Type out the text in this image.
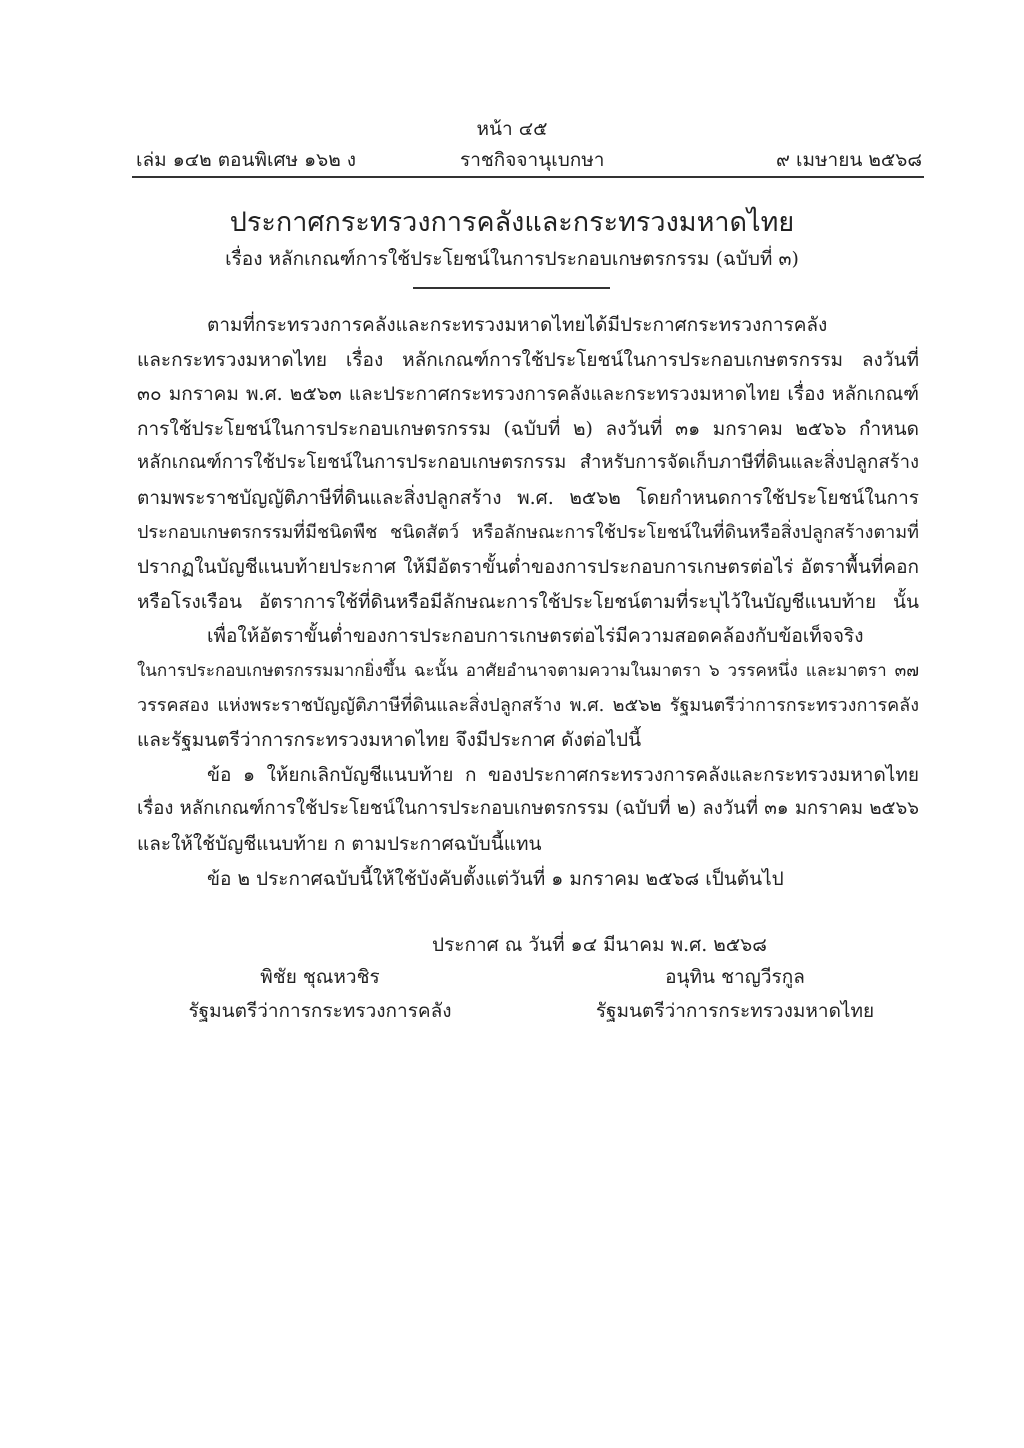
หน้า ๔๕
เล่ม ๑๔๒ ตอนพิเศษ ๑๖๒ ง	ราชกิจจานุเบกษา	๙ เมษายน ๒๕๖๘
ประกาศกระทรวงการคลังและกระทรวงมหาดไทย
เรื่อง หลักเกณฑ์การใช้ประโยชน์ในการประกอบเกษตรกรรม (ฉบับที่ ๓)

ตามที่กระทรวงการคลังและกระทรวงมหาดไทยได้มีประกาศกระทรวงการคลัง
และกระทรวงมหาดไทย เรื่อง หลักเกณฑ์การใช้ประโยชน์ในการประกอบเกษตรกรรม ลงวันที่
๓๐ มกราคม พ.ศ. ๒๕๖๓ และประกาศกระทรวงการคลังและกระทรวงมหาดไทย เรื่อง หลักเกณฑ์
การใช้ประโยชน์ในการประกอบเกษตรกรรม (ฉบับที่ ๒) ลงวันที่ ๓๑ มกราคม ๒๕๖๖ กำหนด
หลักเกณฑ์การใช้ประโยชน์ในการประกอบเกษตรกรรม สำหรับการจัดเก็บภาษีที่ดินและสิ่งปลูกสร้าง
ตามพระราชบัญญัติภาษีที่ดินและสิ่งปลูกสร้าง พ.ศ. ๒๕๖๒ โดยกำหนดการใช้ประโยชน์ในการ
ประกอบเกษตรกรรมที่มีชนิดพืช ชนิดสัตว์ หรือลักษณะการใช้ประโยชน์ในที่ดินหรือสิ่งปลูกสร้างตามที่
ปรากฏในบัญชีแนบท้ายประกาศ ให้มีอัตราขั้นต่ำของการประกอบการเกษตรต่อไร่ อัตราพื้นที่คอก
หรือโรงเรือน อัตราการใช้ที่ดินหรือมีลักษณะการใช้ประโยชน์ตามที่ระบุไว้ในบัญชีแนบท้าย นั้น

เพื่อให้อัตราขั้นต่ำของการประกอบการเกษตรต่อไร่มีความสอดคล้องกับข้อเท็จจริง
ในการประกอบเกษตรกรรมมากยิ่งขึ้น ฉะนั้น อาศัยอำนาจตามความในมาตรา ๖ วรรคหนึ่ง และมาตรา ๓๗
วรรคสอง แห่งพระราชบัญญัติภาษีที่ดินและสิ่งปลูกสร้าง พ.ศ. ๒๕๖๒ รัฐมนตรีว่าการกระทรวงการคลัง
และรัฐมนตรีว่าการกระทรวงมหาดไทย จึงมีประกาศ ดังต่อไปนี้

ข้อ ๑ ให้ยกเลิกบัญชีแนบท้าย ก ของประกาศกระทรวงการคลังและกระทรวงมหาดไทย
เรื่อง หลักเกณฑ์การใช้ประโยชน์ในการประกอบเกษตรกรรม (ฉบับที่ ๒) ลงวันที่ ๓๑ มกราคม ๒๕๖๖
และให้ใช้บัญชีแนบท้าย ก ตามประกาศฉบับนี้แทน

ข้อ ๒ ประกาศฉบับนี้ให้ใช้บังคับตั้งแต่วันที่ ๑ มกราคม ๒๕๖๘ เป็นต้นไป

ประกาศ ณ วันที่ ๑๔ มีนาคม พ.ศ. ๒๕๖๘
พิชัย ชุณหวชิร
รัฐมนตรีว่าการกระทรวงการคลัง
อนุทิน ชาญวีรกูล
รัฐมนตรีว่าการกระทรวงมหาดไทย
